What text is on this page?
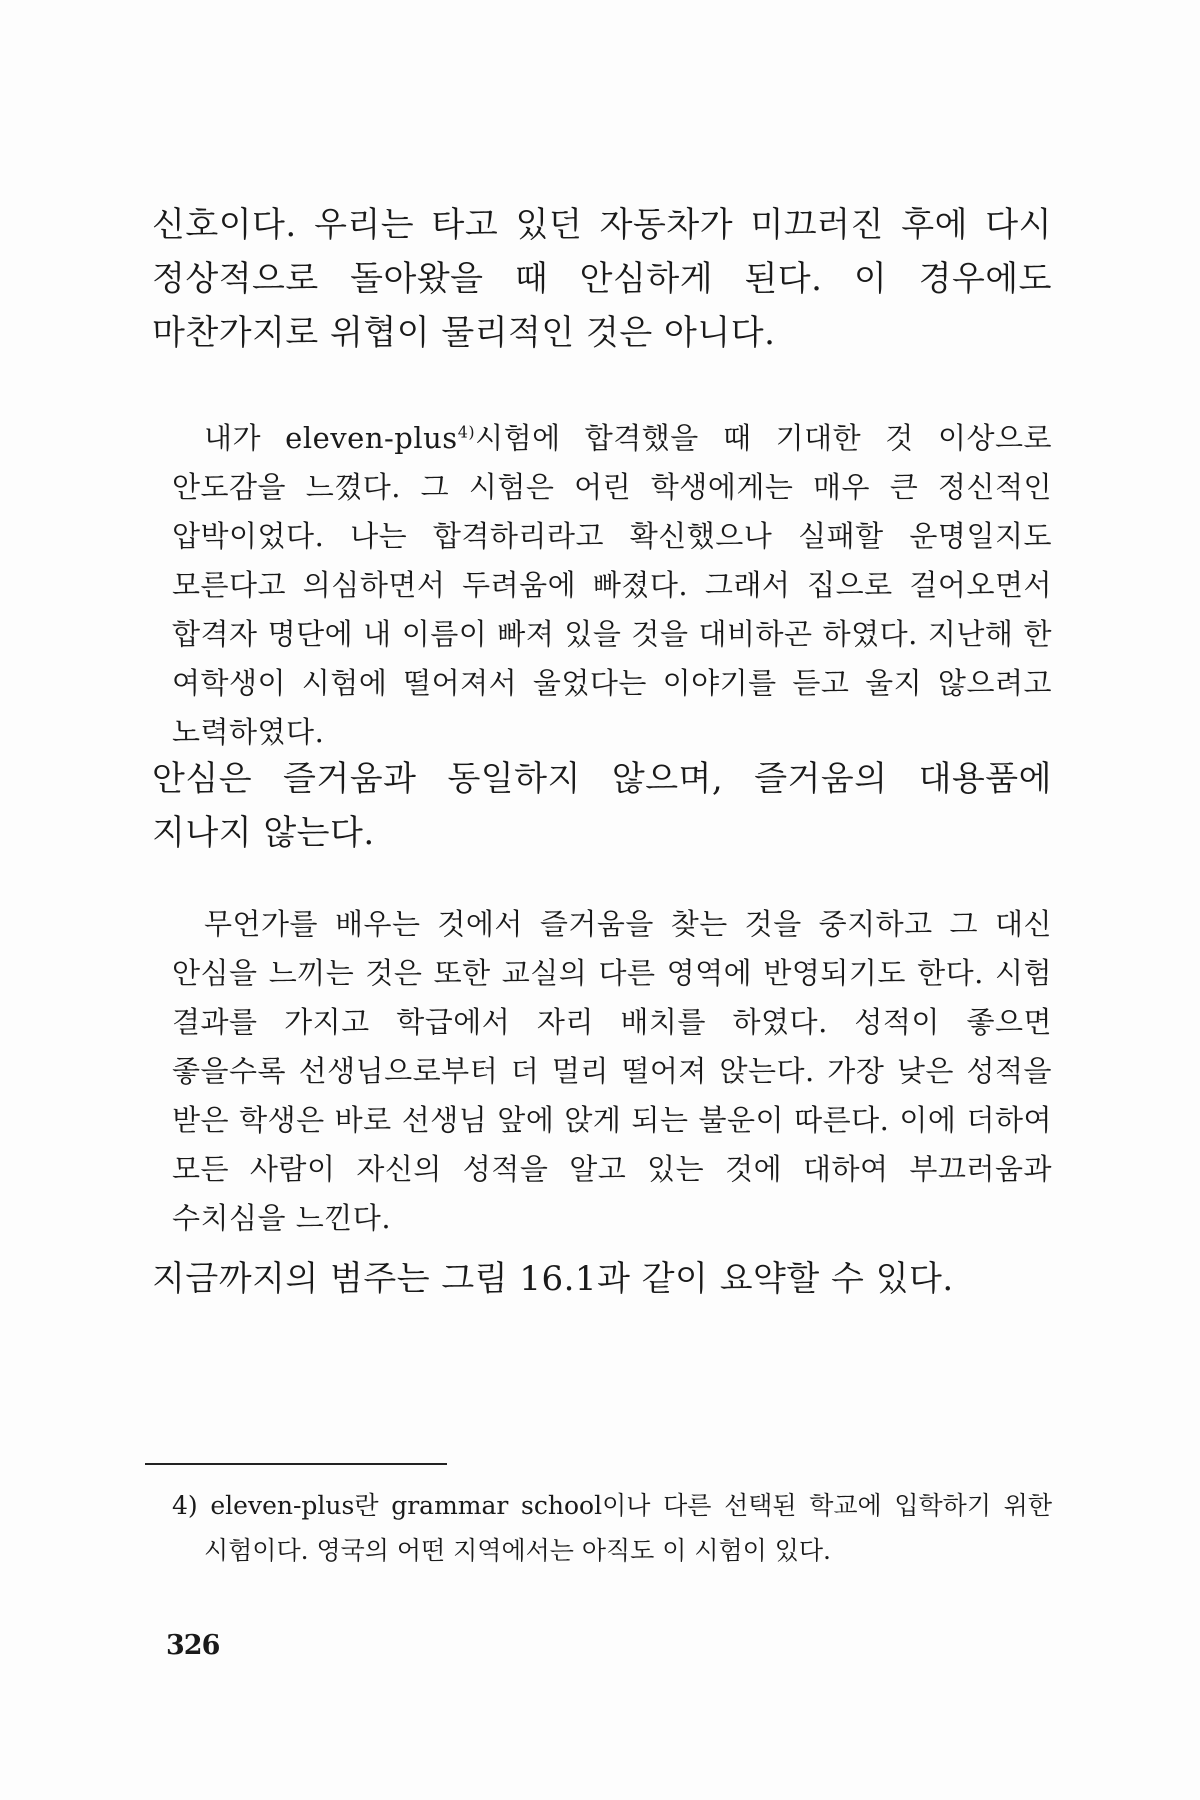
신호이다. 우리는 타고 있던 자동차가 미끄러진 후에 다시 정상적으로 돌아왔을 때 안심하게 된다. 이 경우에도 마찬가지로 위협이 물리적인 것은 아니다.

내가 eleven-plus$^{4)}$시험에 합격했을 때 기대한 것 이상으로 안도감을 느꼈다. 그 시험은 어린 학생에게는 매우 큰 정신적인 압박이었다. 나는 합격하리라고 확신했으나 실패할 운명일지도 모른다고 의심하면서 두려움에 빠졌다. 그래서 집으로 걸어오면서 합격자 명단에 내 이름이 빠져 있을 것을 대비하곤 하였다. 지난해 한 여학생이 시험에 떨어져서 울었다는 이야기를 듣고 울지 않으려고 노력하였다.

안심은 즐거움과 동일하지 않으며, 즐거움의 대용품에 지나지 않는다.

무언가를 배우는 것에서 즐거움을 찾는 것을 중지하고 그 대신 안심을 느끼는 것은 또한 교실의 다른 영역에 반영되기도 한다. 시험 결과를 가지고 학급에서 자리 배치를 하였다. 성적이 좋으면 좋을수록 선생님으로부터 더 멀리 떨어져 앉는다. 가장 낮은 성적을 받은 학생은 바로 선생님 앞에 앉게 되는 불운이 따른다. 이에 더하여 모든 사람이 자신의 성적을 알고 있는 것에 대하여 부끄러움과 수치심을 느낀다.

지금까지의 범주는 그림 16.1과 같이 요약할 수 있다.

4) eleven-plus란 grammar school이나 다른 선택된 학교에 입학하기 위한 시험이다. 영국의 어떤 지역에서는 아직도 이 시험이 있다.

326
